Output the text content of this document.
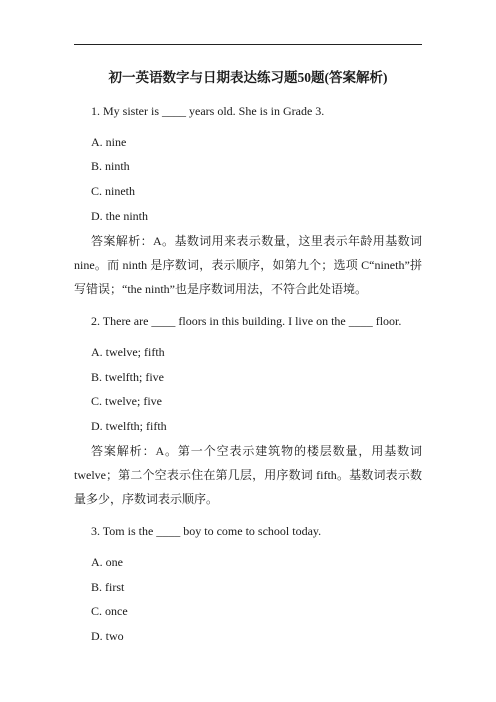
初一英语数字与日期表达练习题50题(答案解析)
1. My sister is ____ years old. She is in Grade 3.
A. nine
B. ninth
C. nineth
D. the ninth
答案解析：A。基数词用来表示数量，这里表示年龄用基数词 nine。而 ninth 是序数词，表示顺序，如第九个；选项 C“nineth”拼写错误；“the ninth”也是序数词用法，不符合此处语境。
2. There are ____ floors in this building. I live on the ____ floor.
A. twelve; fifth
B. twelfth; five
C. twelve; five
D. twelfth; fifth
答案解析：A。第一个空表示建筑物的楼层数量，用基数词 twelve；第二个空表示住在第几层，用序数词 fifth。基数词表示数量多少，序数词表示顺序。
3. Tom is the ____ boy to come to school today.
A. one
B. first
C. once
D. two
